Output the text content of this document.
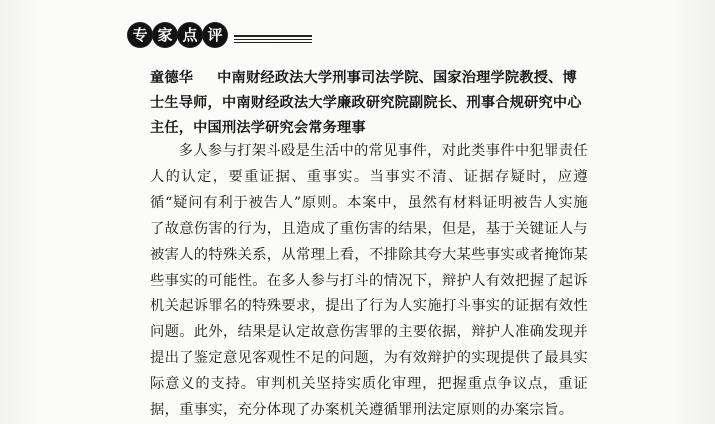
专 家 点 评
童德华 中南财经政法大学刑事司法学院、国家治理学院教授、博士生导师，中南财经政法大学廉政研究院副院长、刑事合规研究中心主任，中国刑法学研究会常务理事

多人参与打架斗殴是生活中的常见事件，对此类事件中犯罪责任人的认定，要重证据、重事实。当事实不清、证据存疑时，应遵循“疑问有利于被告人”原则。本案中，虽然有材料证明被告人实施了故意伤害的行为，且造成了重伤害的结果，但是，基于关键证人与被害人的特殊关系，从常理上看，不排除其夸大某些事实或者掩饰某些事实的可能性。在多人参与打斗的情况下，辩护人有效把握了起诉机关起诉罪名的特殊要求，提出了行为人实施打斗事实的证据有效性问题。此外，结果是认定故意伤害罪的主要依据，辩护人准确发现并提出了鉴定意见客观性不足的问题，为有效辩护的实现提供了最具实际意义的支持。审判机关坚持实质化审理，把握重点争议点，重证据，重事实，充分体现了办案机关遵循罪刑法定原则的办案宗旨。
